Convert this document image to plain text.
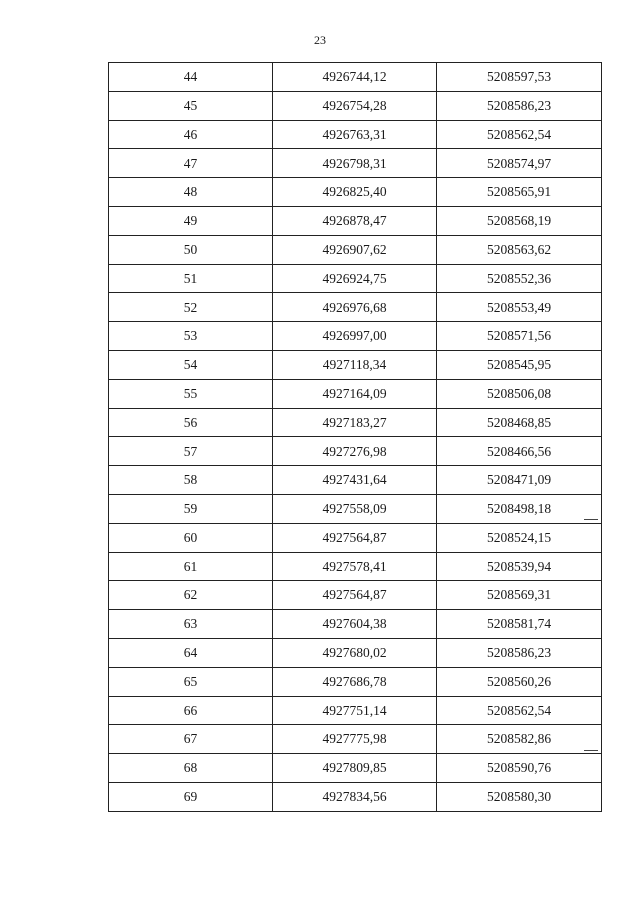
23
44	4926744,12	5208597,53
45	4926754,28	5208586,23
46	4926763,31	5208562,54
47	4926798,31	5208574,97
48	4926825,40	5208565,91
49	4926878,47	5208568,19
50	4926907,62	5208563,62
51	4926924,75	5208552,36
52	4926976,68	5208553,49
53	4926997,00	5208571,56
54	4927118,34	5208545,95
55	4927164,09	5208506,08
56	4927183,27	5208468,85
57	4927276,98	5208466,56
58	4927431,64	5208471,09
59	4927558,09	5208498,18
60	4927564,87	5208524,15
61	4927578,41	5208539,94
62	4927564,87	5208569,31
63	4927604,38	5208581,74
64	4927680,02	5208586,23
65	4927686,78	5208560,26
66	4927751,14	5208562,54
67	4927775,98	5208582,86
68	4927809,85	5208590,76
69	4927834,56	5208580,30
